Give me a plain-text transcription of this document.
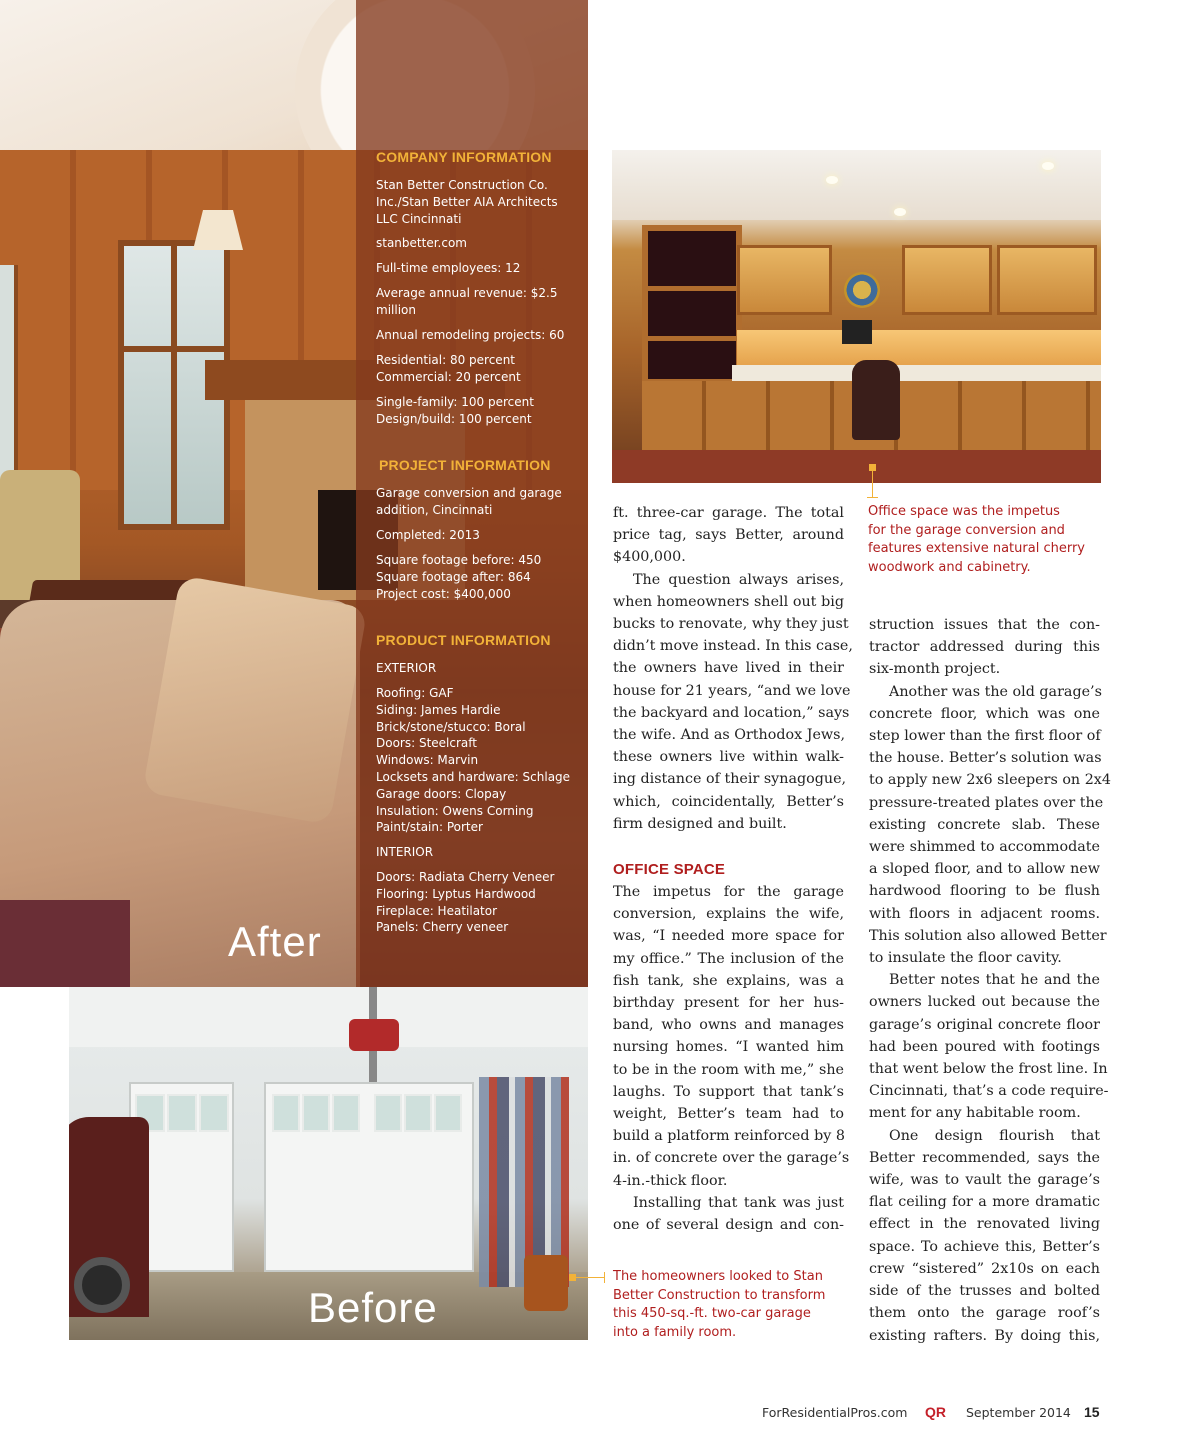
After
COMPANY INFORMATION
Stan Better Construction Co.
Inc./Stan Better AIA Architects
LLC Cincinnati
stanbetter.com
Full-time employees: 12
Average annual revenue: $2.5
million
Annual remodeling projects: 60
Residential: 80 percent
Commercial: 20 percent
Single-family: 100 percent
Design/build: 100 percent
PROJECT INFORMATION
Garage conversion and garage
addition, Cincinnati
Completed: 2013
Square footage before: 450
Square footage after: 864
Project cost: $400,000
PRODUCT INFORMATION
EXTERIOR
Roofing: GAF
Siding: James Hardie
Brick/stone/stucco: Boral
Doors: Steelcraft
Windows: Marvin
Locksets and hardware: Schlage
Garage doors: Clopay
Insulation: Owens Corning
Paint/stain: Porter
INTERIOR
Doors: Radiata Cherry Veneer
Flooring: Lyptus Hardwood
Fireplace: Heatilator
Panels: Cherry veneer
Before
Office space was the impetus
for the garage conversion and
features extensive natural cherry
woodwork and cabinetry.
The homeowners looked to Stan
Better Construction to transform
this 450-sq.-ft. two-car garage
into a family room.

ft. three-car garage. The total

price tag, says Better, around

$400,000.

The question always arises,

when homeowners shell out big

bucks to renovate, why they just

didn’t move instead. In this case,

the owners have lived in their

house for 21 years, “and we love

the backyard and location,” says

the wife. And as Orthodox Jews,

these owners live within walk-

ing distance of their synagogue,

which, coincidentally, Better’s

firm designed and built.

OFFICE SPACE

The impetus for the garage

conversion, explains the wife,

was, “I needed more space for

my office.” The inclusion of the

fish tank, she explains, was a

birthday present for her hus-

band, who owns and manages

nursing homes. “I wanted him

to be in the room with me,” she

laughs. To support that tank’s

weight, Better’s team had to

build a platform reinforced by 8

in. of concrete over the garage’s

4-in.-thick floor.

Installing that tank was just

one of several design and con-

struction issues that the con-

tractor addressed during this

six-month project.

Another was the old garage’s

concrete floor, which was one

step lower than the first floor of

the house. Better’s solution was

to apply new 2x6 sleepers on 2x4

pressure-treated plates over the

existing concrete slab. These

were shimmed to accommodate

a sloped floor, and to allow new

hardwood flooring to be flush

with floors in adjacent rooms.

This solution also allowed Better

to insulate the floor cavity.

Better notes that he and the

owners lucked out because the

garage’s original concrete floor

had been poured with footings

that went below the frost line. In

Cincinnati, that’s a code require-

ment for any habitable room.

One design flourish that

Better recommended, says the

wife, was to vault the garage’s

flat ceiling for a more dramatic

effect in the renovated living

space. To achieve this, Better’s

crew “sistered” 2x10s on each

side of the trusses and bolted

them onto the garage roof’s

existing rafters. By doing this,

ForResidentialPros.com QR September 2014 15
